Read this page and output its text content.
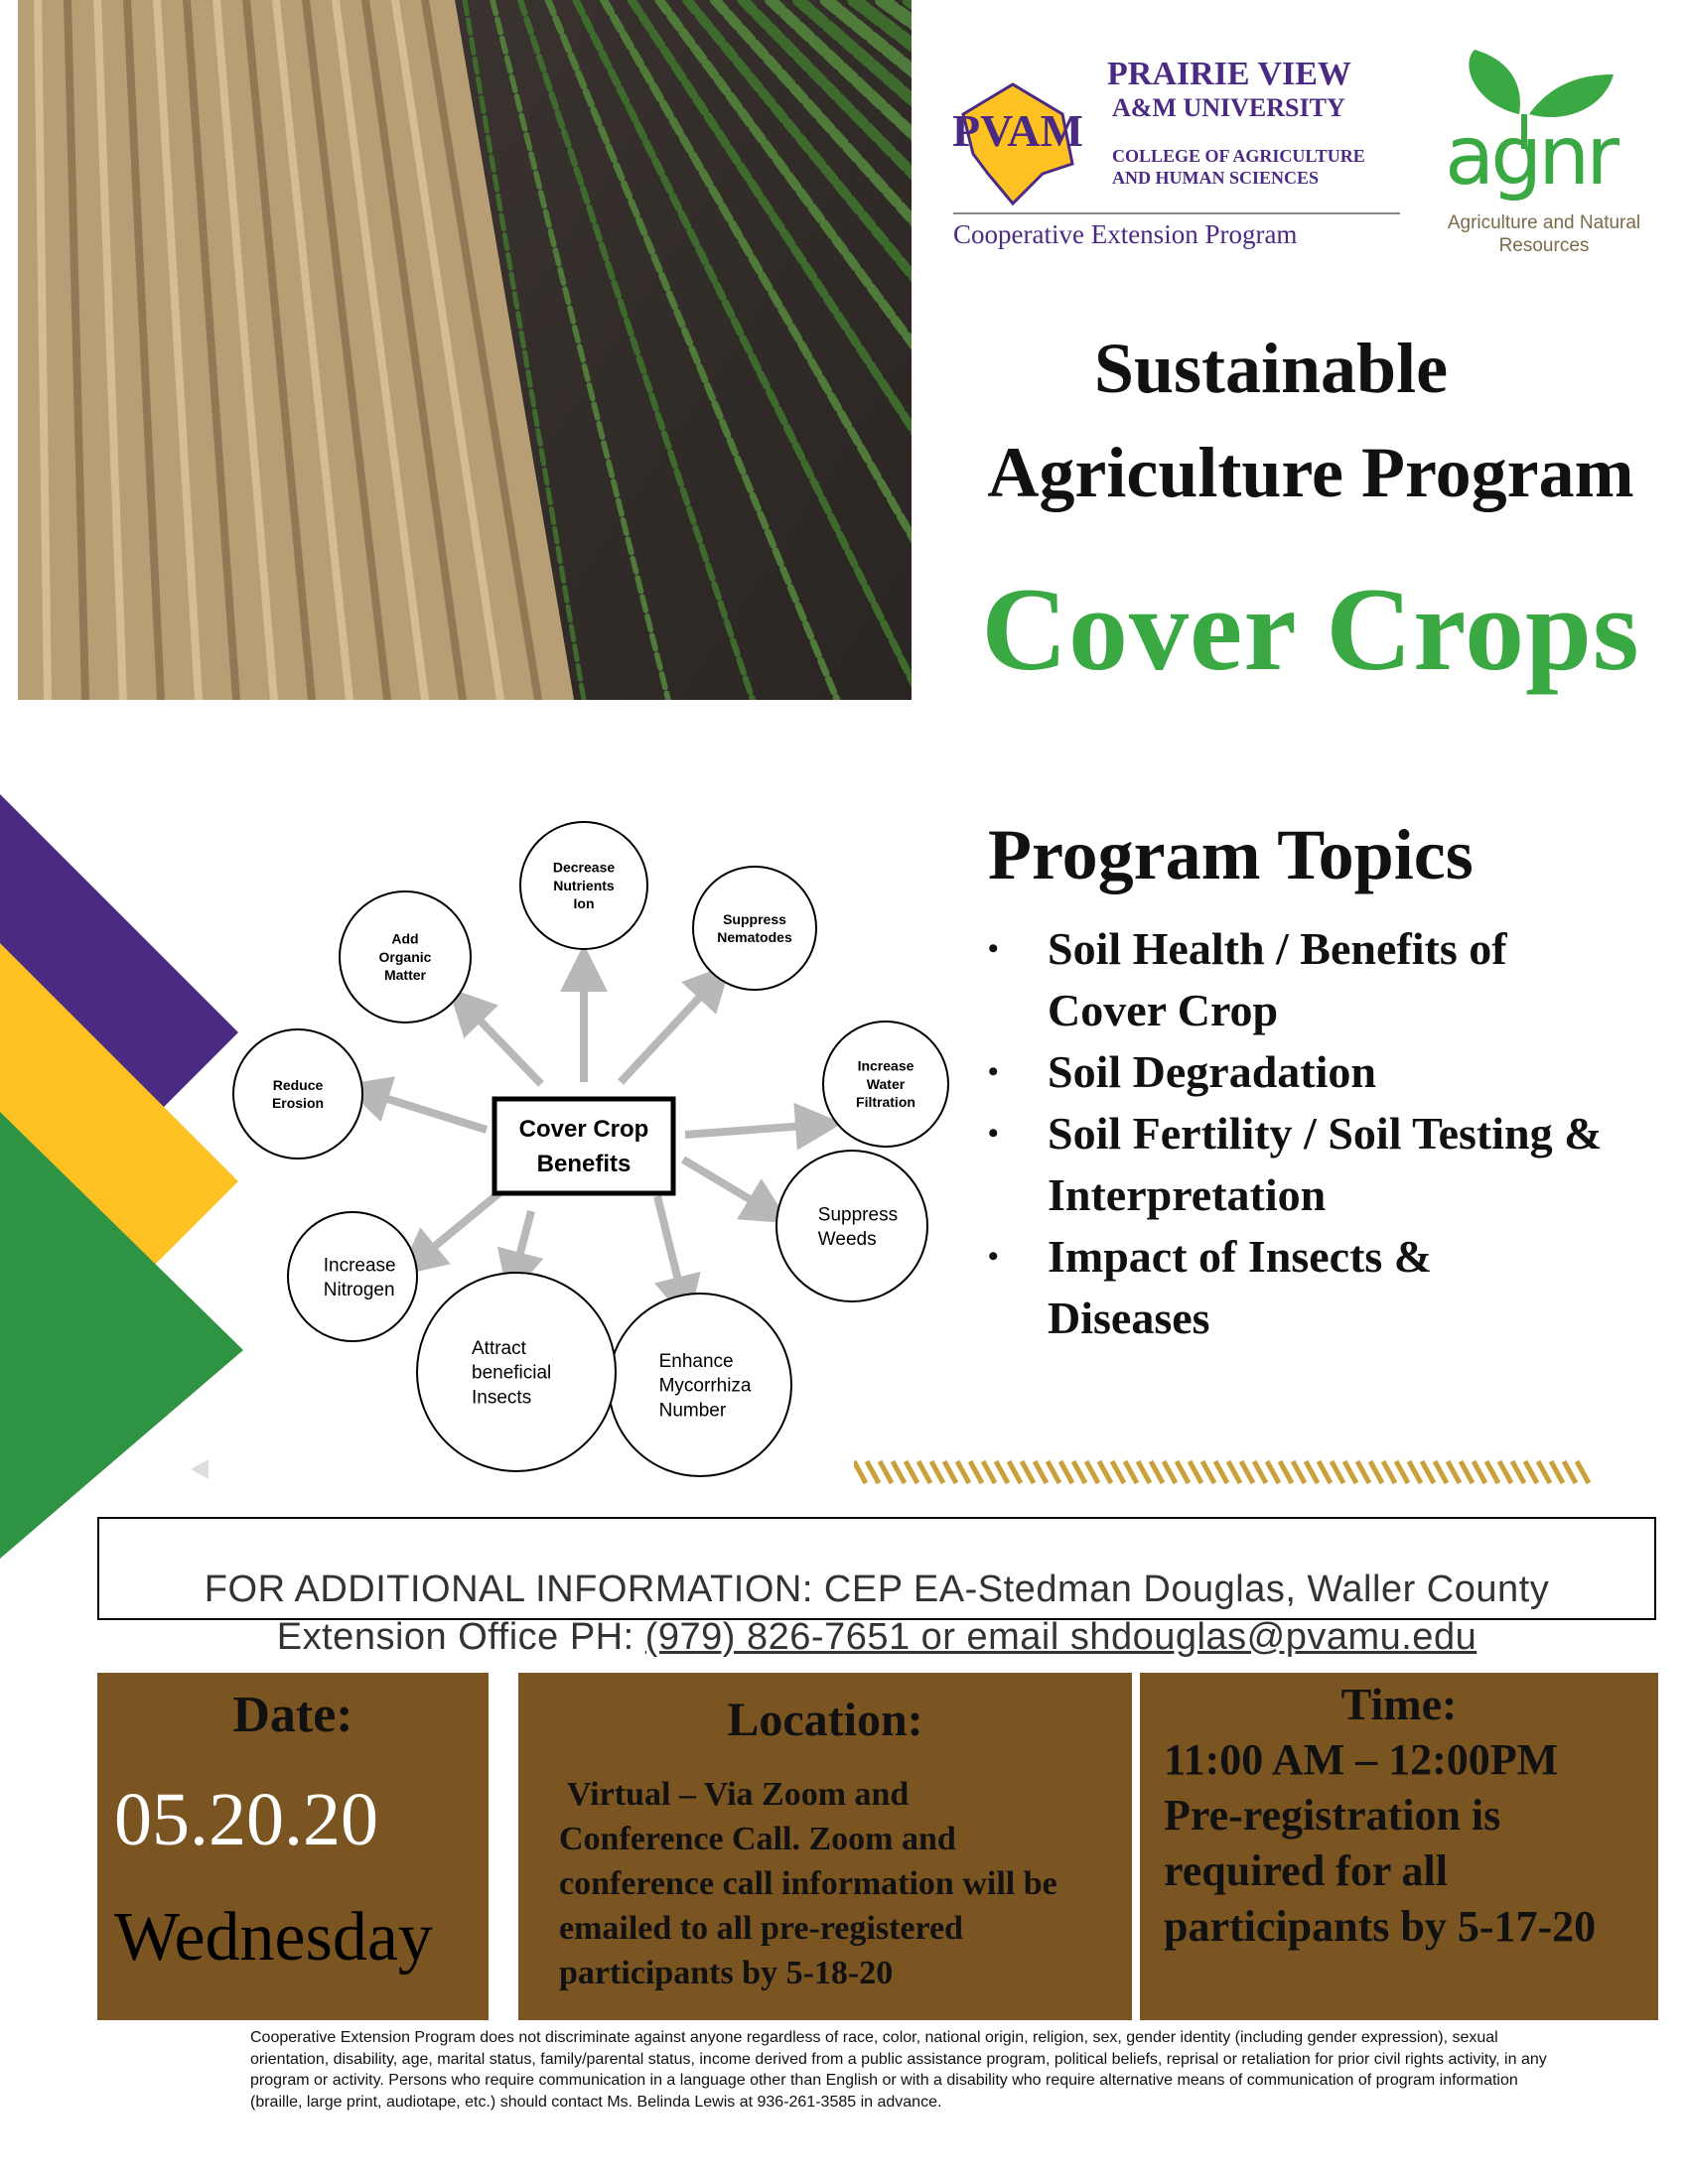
PVAM
PRAIRIE VIEW
A&M UNIVERSITY
COLLEGE OF AGRICULTURE
AND HUMAN SCIENCES
Cooperative Extension Program
agnr
Agriculture and Natural
Resources
Sustainable
Agriculture Program
Cover Crops
Decrease
Nutrients
Ion
Suppress
Nematodes
Increase
Water
Filtration
Suppress
Weeds
Enhance
Mycorrhiza
Number
Attract
beneficial
Insects
Increase
Nitrogen
Reduce
Erosion
Add
Organic
Matter
Cover Crop
Benefits
Program Topics
• Soil Health / Benefits of
Cover Crop
• Soil Degradation
• Soil Fertility / Soil Testing &
Interpretation
• Impact of Insects &
Diseases
FOR ADDITIONAL INFORMATION: CEP EA-Stedman Douglas, Waller County
Extension Office PH: (979) 826-7651 or email shdouglas@pvamu.edu
Date:
05.20.20
Wednesday
Location:
Virtual – Via Zoom and
Conference Call. Zoom and
conference call information will be
emailed to all pre-registered
participants by 5-18-20
Time:
11:00 AM – 12:00PM
Pre-registration is
required for all
participants by 5-17-20
Cooperative Extension Program does not discriminate against anyone regardless of race, color, national origin, religion, sex, gender identity (including gender expression), sexual orientation, disability, age, marital status, family/parental status, income derived from a public assistance program, political beliefs, reprisal or retaliation for prior civil rights activity, in any program or activity. Persons who require communication in a language other than English or with a disability who require alternative means of communication of program information (braille, large print, audiotape, etc.) should contact Ms. Belinda Lewis at 936-261-3585 in advance.
